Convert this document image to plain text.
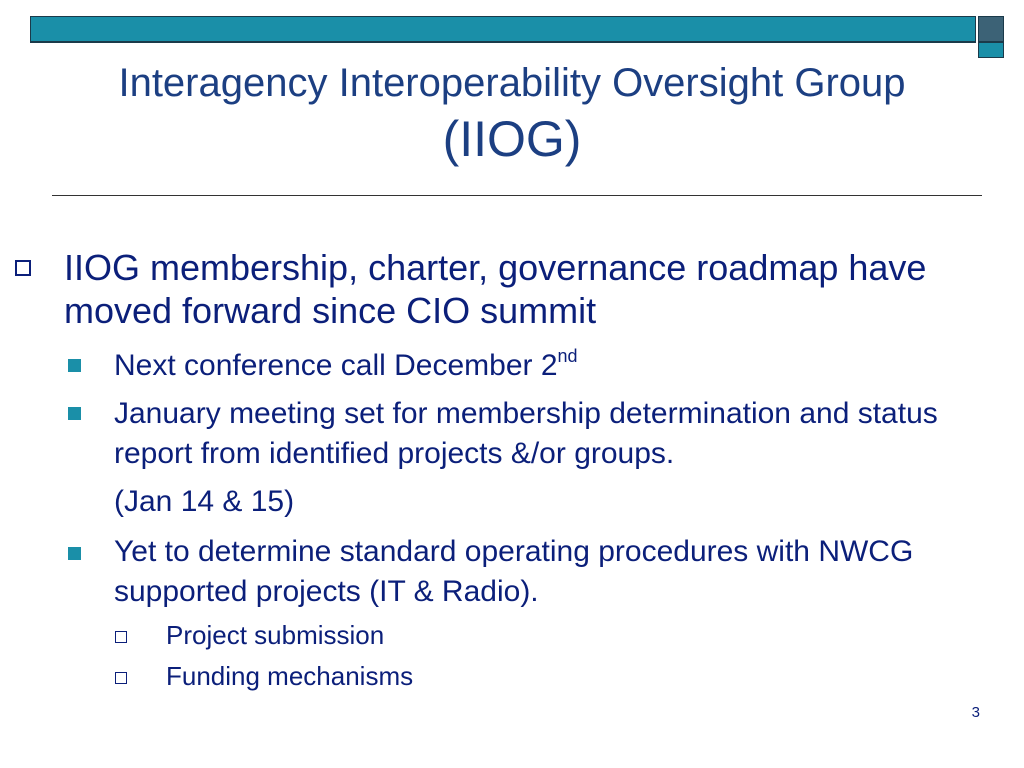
Interagency Interoperability Oversight Group
(IIOG)
IIOG membership, charter, governance roadmap have moved forward since CIO summit
Next conference call December 2nd
January meeting set for membership determination and status report from identified projects &/or groups.
(Jan 14 & 15)
Yet to determine standard operating procedures with NWCG supported projects (IT & Radio).
Project submission
Funding mechanisms
3
